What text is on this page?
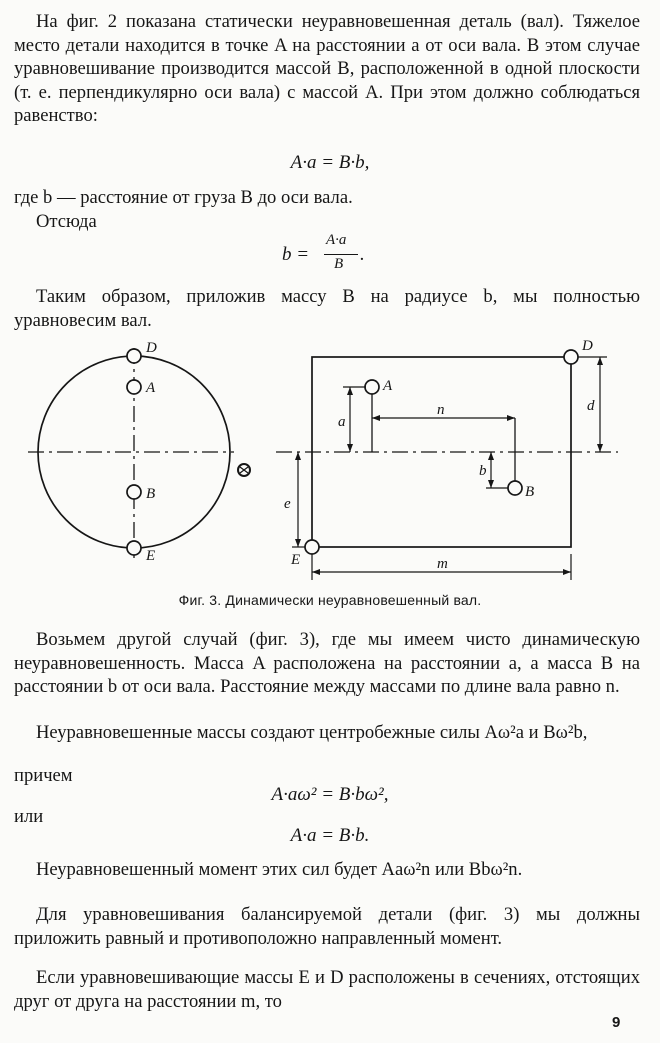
На фиг. 2 показана статически неуравновешенная деталь (вал). Тяжелое место детали находится в точке A на расстоянии a от оси вала. В этом случае уравновешивание производится массой B, расположенной в одной плоскости (т. е. перпендикулярно оси вала) с массой A. При этом должно соблюдаться равенство:

A·a = B·b,

где b — расстояние от груза B до оси вала.

Отсюда

b =
A·a
B .

Таким образом, приложив массу B на радиусе b, мы полностью уравновесим вал.

D
A
B
E
D
A
B
E
a
n
b
d
e
m
Фиг. 3. Динамически неуравновешенный вал.

Возьмем другой случай (фиг. 3), где мы имеем чисто динамическую неуравновешенность. Масса A расположена на расстоянии a, а масса B на расстоянии b от оси вала. Расстояние между массами по длине вала равно n.

Неуравновешенные массы создают центробежные силы Aω²a и Bω²b,

причем

A·aω² = B·bω²,

или

A·a = B·b.

Неуравновешенный момент этих сил будет Aaω²n или Bbω²n.

Для уравновешивания балансируемой детали (фиг. 3) мы должны приложить равный и противоположно направленный момент.

Если уравновешивающие массы E и D расположены в сечениях, отстоящих друг от друга на расстоянии m, то

9
